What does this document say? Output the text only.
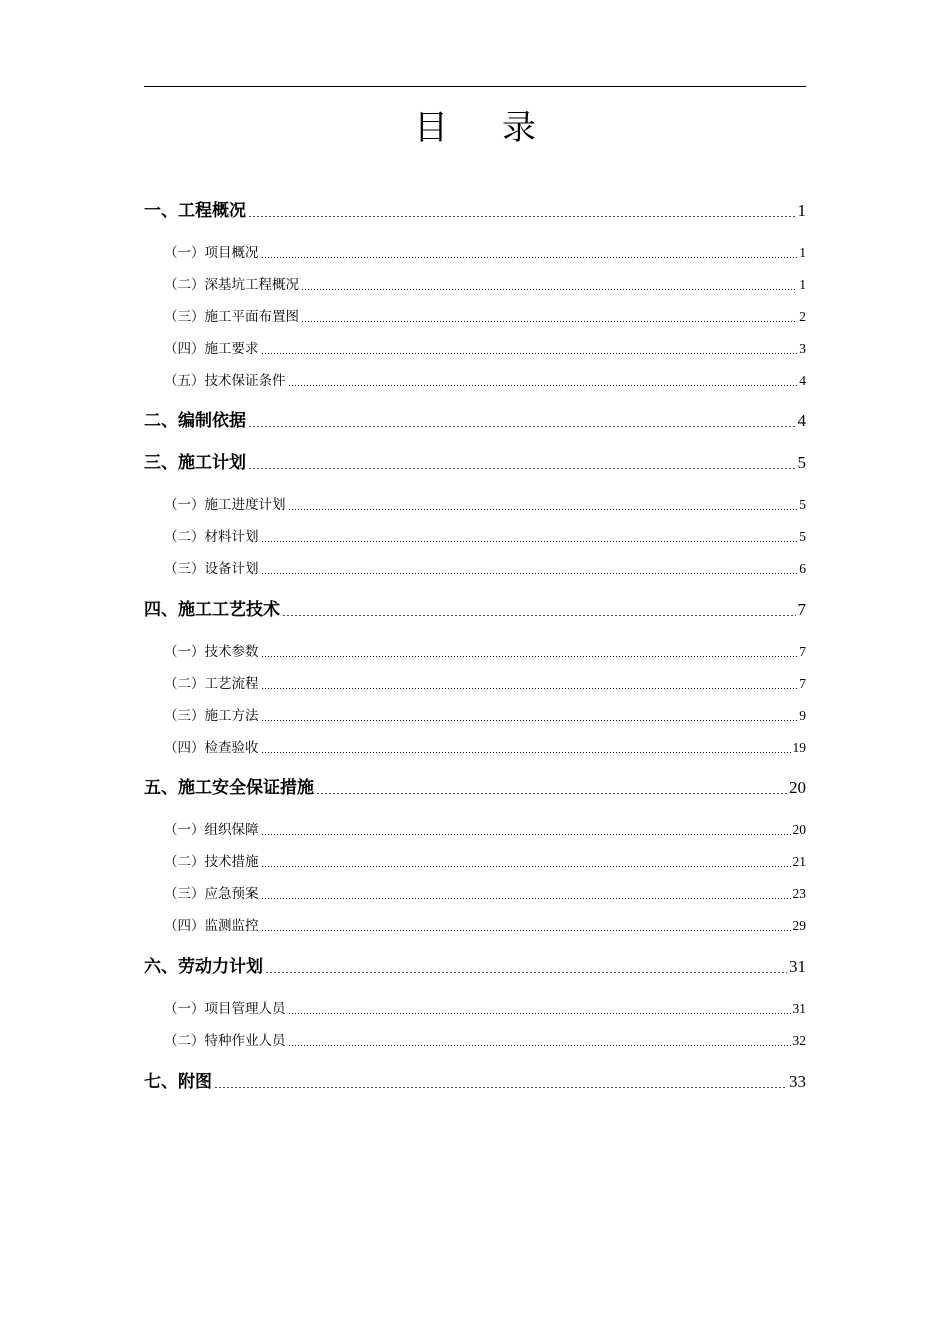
目 录
一、工程概况	1
（一）项目概况	1
（二）深基坑工程概况	1
（三）施工平面布置图	2
（四）施工要求	3
（五）技术保证条件	4
二、编制依据	4
三、施工计划	5
（一）施工进度计划	5
（二）材料计划	5
（三）设备计划	6
四、施工工艺技术	7
（一）技术参数	7
（二）工艺流程	7
（三）施工方法	9
（四）检查验收	19
五、施工安全保证措施	20
（一）组织保障	20
（二）技术措施	21
（三）应急预案	23
（四）监测监控	29
六、劳动力计划	31
（一）项目管理人员	31
（二）特种作业人员	32
七、附图	33
